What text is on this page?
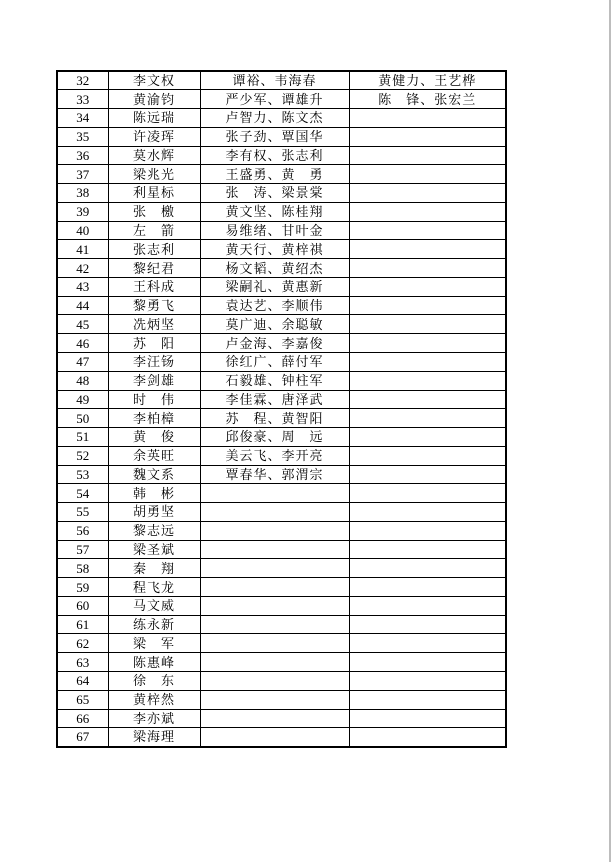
32	李文权	谭裕、韦海春	黄健力、王艺桦
33	黄渝钧	严少军、谭雄升	陈　锋、张宏兰
34	陈远瑞	卢智力、陈文杰	
35	许凌珲	张子劲、覃国华	
36	莫水辉	李有权、张志利	
37	梁兆光	王盛勇、黄　勇	
38	利星标	张　涛、梁景棠	
39	张　檄	黄文坚、陈桂翔	
40	左　箭	易维绪、甘叶金	
41	张志利	黄天行、黄梓祺	
42	黎纪君	杨文韬、黄绍杰	
43	王科成	梁嗣礼、黄惠新	
44	黎勇飞	袁达艺、李顺伟	
45	冼炳坚	莫广迪、余聪敏	
46	苏　阳	卢金海、李嘉俊	
47	李汪钖	徐红广、薛付军	
48	李剑雄	石毅雄、钟柱军	
49	时　伟	李佳霖、唐泽武	
50	李柏樟	苏　程、黄智阳	
51	黄　俊	邱俊豪、周　远	
52	余英旺	美云飞、李开亮	
53	魏文系	覃春华、郭渭宗	
54	韩　彬		
55	胡勇坚		
56	黎志远		
57	梁圣斌		
58	秦　翔		
59	程飞龙		
60	马文威		
61	练永新		
62	梁　军		
63	陈惠峰		
64	徐　东		
65	黄梓然		
66	李亦斌		
67	梁海理		
